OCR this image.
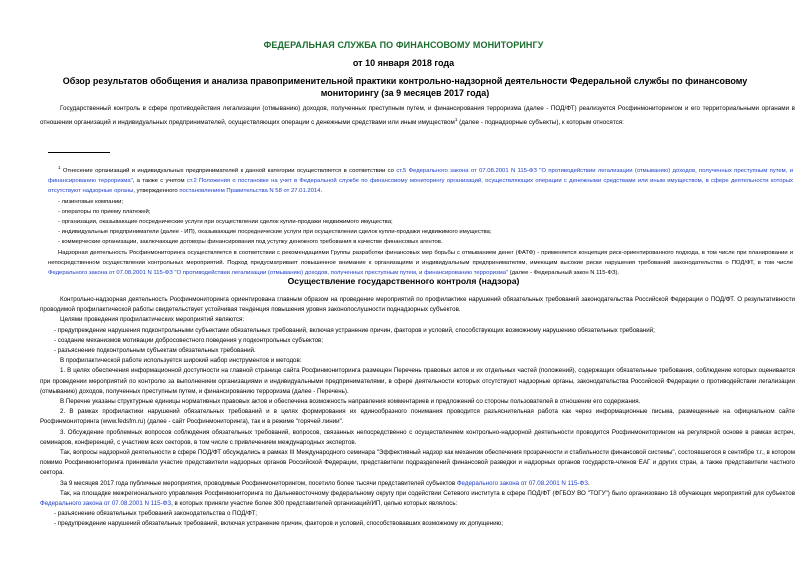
ФЕДЕРАЛЬНАЯ СЛУЖБА ПО ФИНАНСОВОМУ МОНИТОРИНГУ
от 10 января 2018 года
Обзор результатов обобщения и анализа правоприменительной практики контрольно-надзорной деятельности Федеральной службы по финансовому мониторингу (за 9 месяцев 2017 года)
Государственный контроль в сфере противодействия легализации (отмыванию) доходов, полученных преступным путем, и финансирования терроризма (далее - ПОД/ФТ) реализуется Росфинмониторингом и его территориальными органами в отношении организаций и индивидуальных предпринимателей, осуществляющих операции с денежными средствами или иным имуществом$^1$ (далее - поднадзорные субъекты), к которым относятся:

$^1$ Отнесение организаций и индивидуальных предпринимателей к данной категории осуществляется в соответствии со ст.5 Федерального закона от 07.08.2001 N 115-ФЗ "О противодействии легализации (отмыванию) доходов, полученных преступным путем, и финансированию терроризма", а также с учетом ст.2 Положения о постановке на учет в Федеральной службе по финансовому мониторингу организаций, осуществляющих операции с денежными средствами или иным имуществом, в сфере деятельности которых отсутствуют надзорные органы, утвержденного постановлением Правительства N 58 от 27.01.2014.

- лизинговые компании;

- операторы по приему платежей;

- организации, оказывающие посреднические услуги при осуществлении сделок купли-продажи недвижимого имущества;

- индивидуальные предприниматели (далее - ИП), оказывающие посреднические услуги при осуществлении сделок купли-продажи недвижимого имущества;

- коммерческие организации, заключающие договоры финансирования под уступку денежного требования в качестве финансовых агентов.

Надзорная деятельность Росфинмониторинга осуществляется в соответствии с рекомендациями Группы разработки финансовых мер борьбы с отмыванием денег (ФАТФ) - применяется концепция риск-ориентированного подхода, в том числе при планировании и непосредственном осуществлении контрольных мероприятий. Подход предусматривает повышенное внимание к организациям и индивидуальным предпринимателям, имеющим высокие риски нарушения требований законодательства о ПОД/ФТ, в том числе Федерального закона от 07.08.2001 N 115-ФЗ "О противодействии легализации (отмыванию) доходов, полученных преступным путем, и финансированию терроризма" (далее - Федеральный закон N 115-ФЗ).

Осуществление государственного контроля (надзора)

Контрольно-надзорная деятельность Росфинмониторинга ориентирована главным образом на проведение мероприятий по профилактике нарушений обязательных требований законодательства Российской Федерации о ПОД/ФТ. О результативности проводимой профилактической работы свидетельствует устойчивая тенденция повышения уровня законопослушности поднадзорных субъектов.

Целями проведения профилактических мероприятий являются:

- предупреждение нарушения подконтрольными субъектами обязательных требований, включая устранение причин, факторов и условий, способствующих возможному нарушению обязательных требований;

- создание механизмов мотивации добросовестного поведения у подконтрольных субъектов;

- разъяснение подконтрольным субъектам обязательных требований.

В профилактической работе используется широкий набор инструментов и методов:

1. В целях обеспечения информационной доступности на главной странице сайта Росфинмониторинга размещен Перечень правовых актов и их отдельных частей (положений), содержащих обязательные требования, соблюдение которых оценивается при проведении мероприятий по контролю за выполнением организациями и индивидуальными предпринимателями, в сфере деятельности которых отсутствуют надзорные органы, законодательства Российской Федерации о противодействии легализации (отмыванию) доходов, полученных преступным путем, и финансированию терроризма (далее - Перечень).

В Перечне указаны структурные единицы нормативных правовых актов и обеспечена возможность направления комментариев и предложений со стороны пользователей в отношении его содержания.

2. В рамках профилактики нарушений обязательных требований и в целях формирования их единообразного понимания проводится разъяснительная работа как через информационные письма, размещенные на официальном сайте Росфинмониторинга (www.fedsfm.ru) (далее - сайт Росфинмониторинга), так и в режиме "горячей линии".

3. Обсуждение проблемных вопросов соблюдения обязательных требований, вопросов, связанных непосредственно с осуществлением контрольно-надзорной деятельности проводится Росфинмониторингом на регулярной основе в рамках встреч, семинаров, конференций, с участием всех секторов, в том числе с привлечением международных экспертов.

Так, вопросы надзорной деятельности в сфере ПОД/ФТ обсуждались в рамках III Международного семинара "Эффективный надзор как механизм обеспечения прозрачности и стабильности финансовой системы", состоявшегося в сентябре т.г., в котором помимо Росфинмониторинга принимали участие представители надзорных органов Российской Федерации, представители подразделений финансовой разведки и надзорных органов государств-членов ЕАГ и других стран, а также представители частного сектора.

За 9 месяцев 2017 года публичные мероприятия, проводимые Росфинмониторингом, посетило более тысячи представителей субъектов Федерального закона от 07.08.2001 N 115-ФЗ.

Так, на площадке межрегионального управления Росфинмониторинга по Дальневосточному федеральному округу при содействии Сетевого института в сфере ПОД/ФТ (ФГБОУ ВО "ТОГУ") было организовано 18 обучающих мероприятий для субъектов Федерального закона от 07.08.2001 N 115-ФЗ, в которых приняли участие более 300 представителей организаций/ИП, целью которых являлось:

- разъяснение обязательных требований законодательства о ПОД/ФТ;

- предупреждение нарушений обязательных требований, включая устранение причин, факторов и условий, способствовавших возможному их допущению;
